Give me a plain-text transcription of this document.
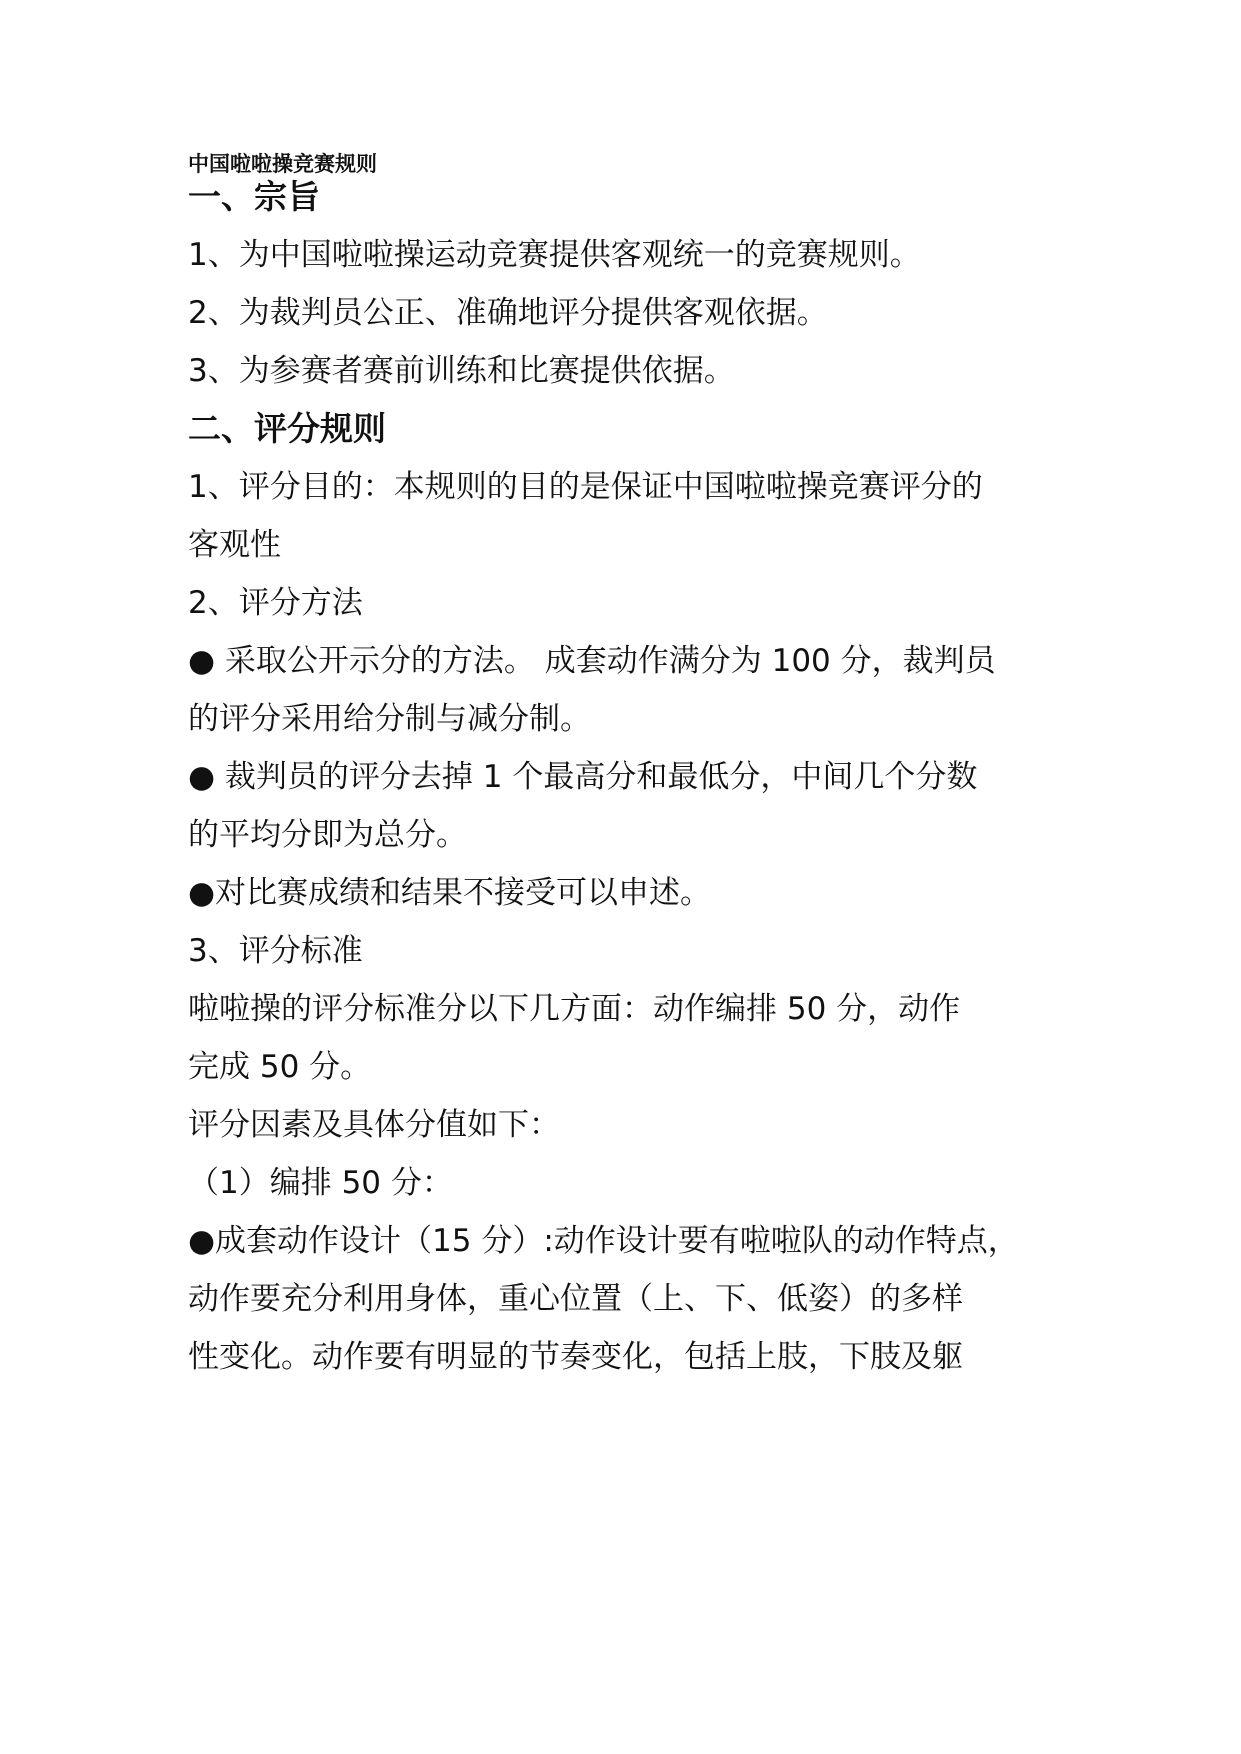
中国啦啦操竞赛规则
一、宗旨
1、为中国啦啦操运动竞赛提供客观统一的竞赛规则。
2、为裁判员公正、准确地评分提供客观依据。
3、为参赛者赛前训练和比赛提供依据。
二、评分规则
1、评分目的：本规则的目的是保证中国啦啦操竞赛评分的
客观性
2、评分方法
● 采取公开示分的方法。 成套动作满分为 100 分，裁判员
的评分采用给分制与减分制。
● 裁判员的评分去掉 1 个最高分和最低分，中间几个分数
的平均分即为总分。
●对比赛成绩和结果不接受可以申述。
3、评分标准
啦啦操的评分标准分以下几方面：动作编排 50 分，动作
完成 50 分。
评分因素及具体分值如下：
（1）编排 50 分：
●成套动作设计（15 分）:动作设计要有啦啦队的动作特点，
动作要充分利用身体，重心位置（上、下、低姿）的多样
性变化。动作要有明显的节奏变化，包括上肢，下肢及躯
